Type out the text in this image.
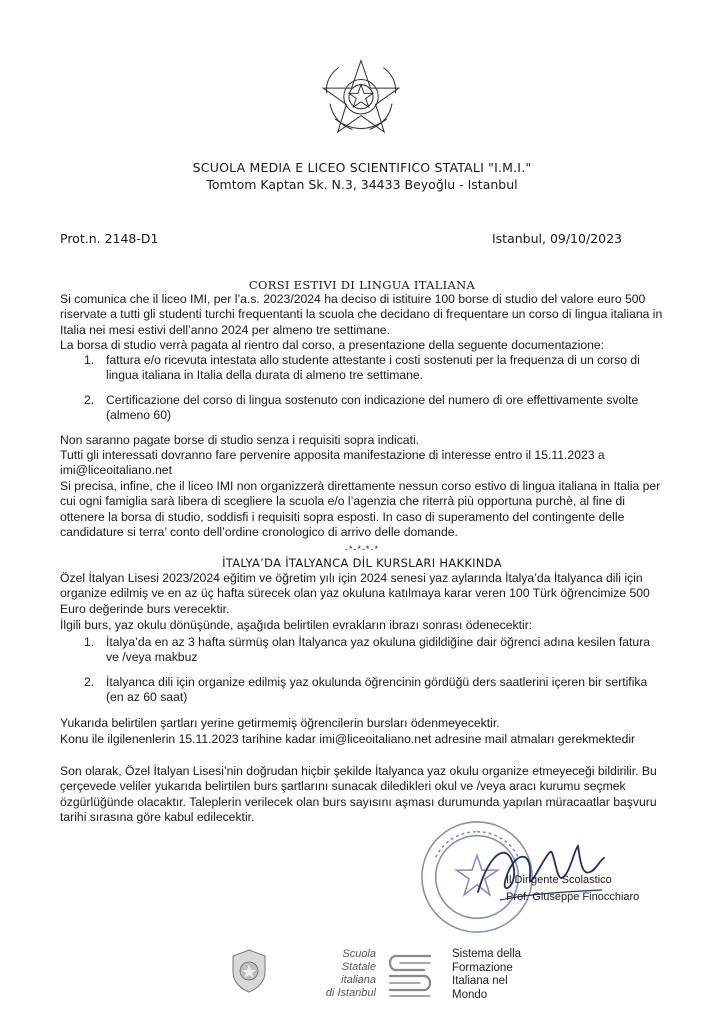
SCUOLA MEDIA E LICEO SCIENTIFICO STATALI "I.M.I."
Tomtom Kaptan Sk. N.3, 34433 Beyoğlu - Istanbul
Prot.n. 2148-D1	Istanbul, 09/10/2023
CORSI ESTIVI DI LINGUA ITALIANA

Si comunica che il liceo IMI, per l’a.s. 2023/2024 ha deciso di istituire 100 borse di studio del valore euro 500 riservate a tutti gli studenti turchi frequentanti la scuola che decidano di frequentare un corso di lingua italiana in Italia nei mesi estivi dell’anno 2024 per almeno tre settimane.

La borsa di studio verrà pagata al rientro dal corso, a presentazione della seguente documentazione:

1. fattura e/o ricevuta intestata allo studente attestante i costi sostenuti per la frequenza di un corso di lingua italiana in Italia della durata di almeno tre settimane.
2. Certificazione del corso di lingua sostenuto con indicazione del numero di ore effettivamente svolte (almeno 60)

Non saranno pagate borse di studio senza i requisiti sopra indicati.

Tutti gli interessati dovranno fare pervenire apposita manifestazione di interesse entro il 15.11.2023 a imi@liceoitaliano.net

Si precisa, infine, che il liceo IMI non organizzerà direttamente nessun corso estivo di lingua italiana in Italia per cui ogni famiglia sarà libera di scegliere la scuola e/o l’agenzia che riterrà più opportuna purchè, al fine di ottenere la borsa di studio, soddisfi i requisiti sopra esposti. In caso di superamento del contingente delle candidature si terra’ conto dell’ordine cronologico di arrivo delle domande.

-*-*-*-*
İTALYA’DA İTALYANCA DİL KURSLARI HAKKINDA

Özel İtalyan Lisesi 2023/2024 eğitim ve öğretim yılı için 2024 senesi yaz aylarında İtalya’da İtalyanca dili için organize edilmiş ve en az üç hafta sürecek olan yaz okuluna katılmaya karar veren 100 Türk öğrencimize 500 Euro değerinde burs verecektir.

İlgili burs, yaz okulu dönüşünde, aşağıda belirtilen evrakların ibrazı sonrası ödenecektir:

1. İtalya’da en az 3 hafta sürmüş olan İtalyanca yaz okuluna gidildiğine dair öğrenci adına kesilen fatura ve /veya makbuz
2. İtalyanca dili için organize edilmiş yaz okulunda öğrencinin gördüğü ders saatlerini içeren bir sertifika (en az 60 saat)

Yukarıda belirtilen şartları yerine getirmemiş öğrencilerin bursları ödenmeyecektir.

Konu ile ilgilenenlerin 15.11.2023 tarihine kadar imi@liceoitaliano.net adresine mail atmaları gerekmektedir

Son olarak, Özel İtalyan Lisesi’nin doğrudan hiçbir şekilde İtalyanca yaz okulu organize etmeyeceği bildirilir. Bu çerçevede veliler yukarıda belirtilen burs şartlarını sunacak diledikleri okul ve /veya aracı kurumu seçmek özgürlüğünde olacaktır. Taleplerin verilecek olan burs sayısını aşması durumunda yapılan müracaatlar başvuru tarihi sırasına göre kabul edilecektir.

Il Dirigente Scolastico
Prof. Giuseppe Finocchiaro
Scuola
Statale
italiana
di Istanbul
Sistema della
Formazione
Italiana nel
Mondo
